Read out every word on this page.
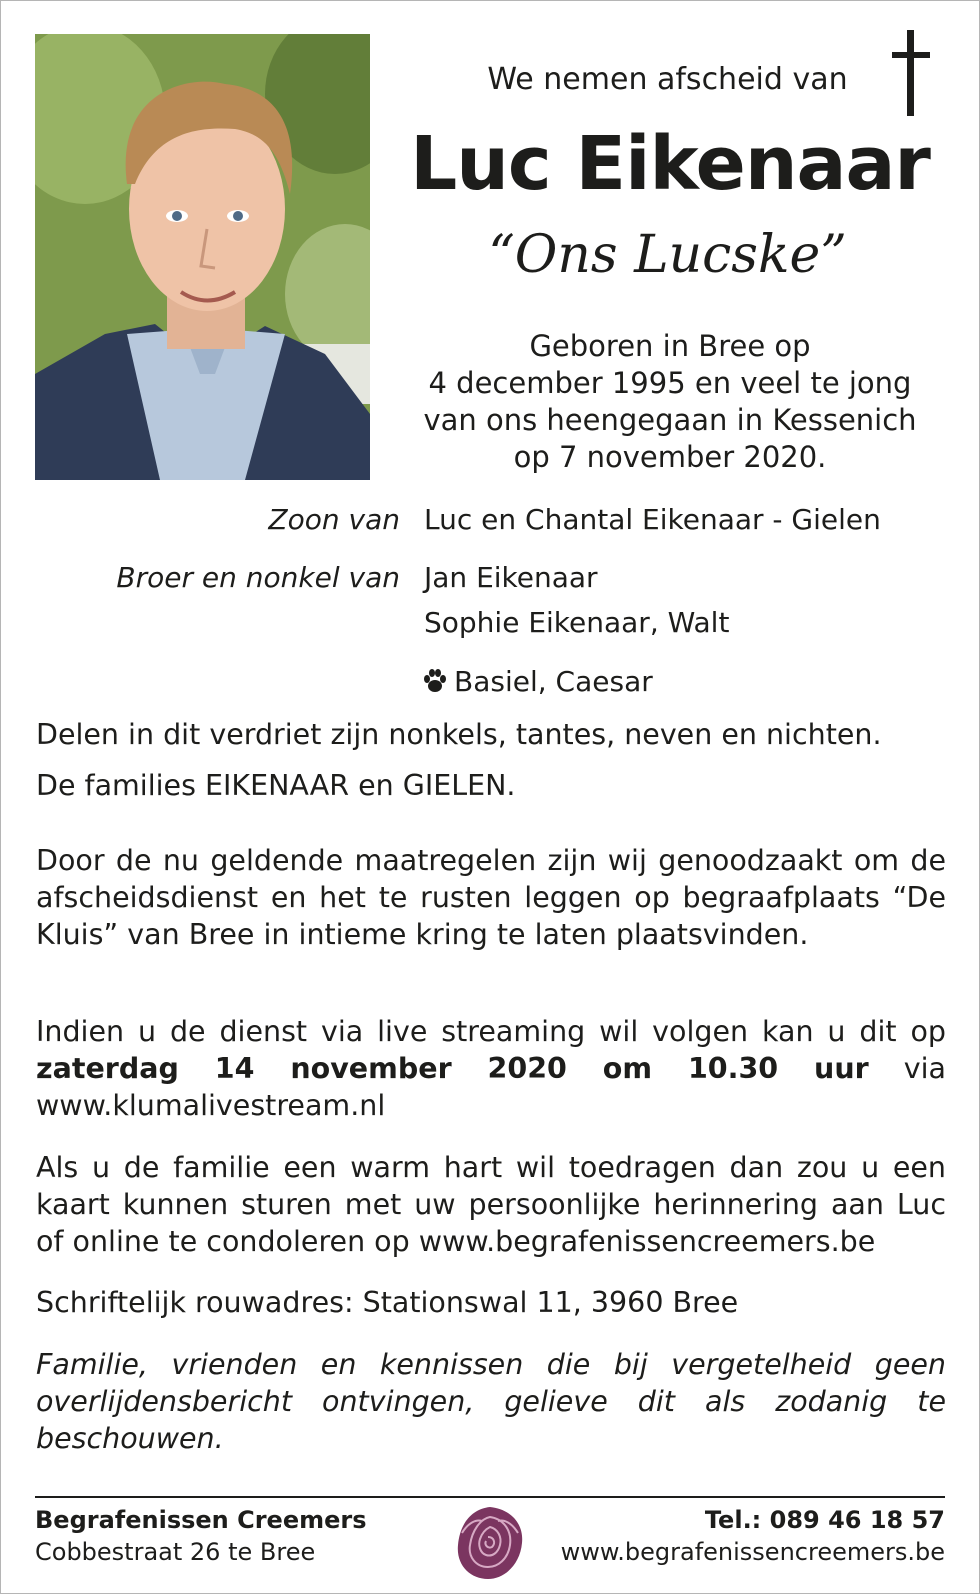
We nemen afscheid van
Luc Eikenaar
“Ons Lucske”
Geboren in Bree op
4 december 1995 en veel te jong
van ons heengegaan in Kessenich
op 7 november 2020.
Zoon van Luc en Chantal Eikenaar - Gielen
Broer en nonkel van Jan Eikenaar
Sophie Eikenaar, Walt
Basiel, Caesar
Delen in dit verdriet zijn nonkels, tantes, neven en nichten.
De families EIKENAAR en GIELEN.
Door de nu geldende maatregelen zijn wij genoodzaakt om de afscheidsdienst en het te rusten leggen op begraafplaats “De Kluis” van Bree in intieme kring te laten plaatsvinden.
Indien u de dienst via live streaming wil volgen kan u dit op zaterdag 14 november 2020 om 10.30 uur via www.klumalivestream.nl
Als u de familie een warm hart wil toedragen dan zou u een kaart kunnen sturen met uw persoonlijke herinnering aan Luc of online te condoleren op www.begrafenissencreemers.be
Schriftelijk rouwadres: Stationswal 11, 3960 Bree
Familie, vrienden en kennissen die bij vergetelheid geen overlijdensbericht ontvingen, gelieve dit als zodanig te beschouwen.
Begrafenissen Creemers
Cobbestraat 26 te Bree
Tel.: 089 46 18 57
www.begrafenissencreemers.be
